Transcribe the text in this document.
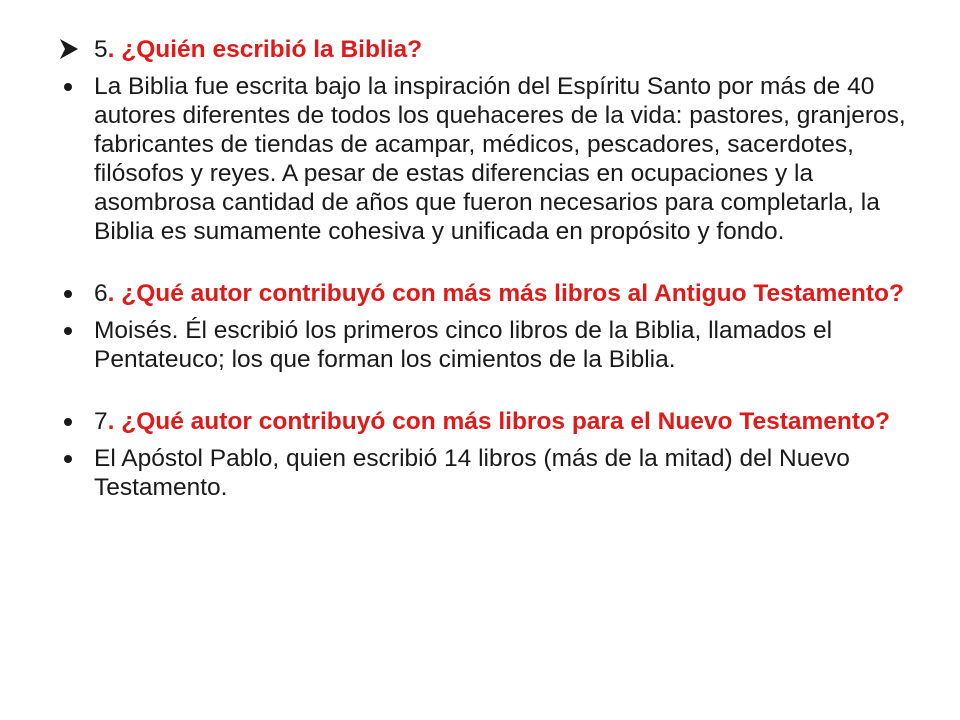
5. ¿Quién escribió la Biblia?
La Biblia fue escrita bajo la inspiración del Espíritu Santo por más de 40 autores diferentes de todos los quehaceres de la vida: pastores, granjeros, fabricantes de tiendas de acampar, médicos, pescadores, sacerdotes, filósofos y reyes. A pesar de estas diferencias en ocupaciones y la asombrosa cantidad de años que fueron necesarios para completarla, la Biblia es sumamente cohesiva y unificada en propósito y fondo.
6. ¿Qué autor contribuyó con más más libros al Antiguo Testamento?
Moisés. Él escribió los primeros cinco libros de la Biblia, llamados el Pentateuco; los que forman los cimientos de la Biblia.
7. ¿Qué autor contribuyó con más libros para el Nuevo Testamento?
El Apóstol Pablo, quien escribió 14 libros (más de la mitad) del Nuevo Testamento.
